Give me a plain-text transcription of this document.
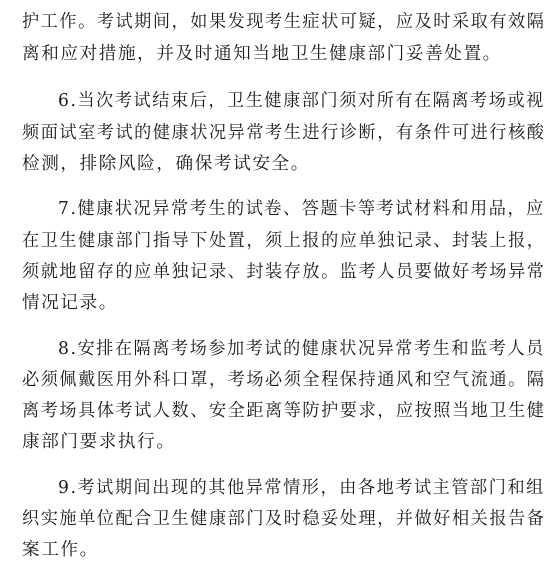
护工作。考试期间，如果发现考生症状可疑，应及时采取有效隔
离和应对措施，并及时通知当地卫生健康部门妥善处置。
6.当次考试结束后，卫生健康部门须对所有在隔离考场或视
频面试室考试的健康状况异常考生进行诊断，有条件可进行核酸
检测，排除风险，确保考试安全。
7.健康状况异常考生的试卷、答题卡等考试材料和用品，应
在卫生健康部门指导下处置，须上报的应单独记录、封装上报，
须就地留存的应单独记录、封装存放。监考人员要做好考场异常
情况记录。
8.安排在隔离考场参加考试的健康状况异常考生和监考人员
必须佩戴医用外科口罩，考场必须全程保持通风和空气流通。隔
离考场具体考试人数、安全距离等防护要求，应按照当地卫生健
康部门要求执行。
9.考试期间出现的其他异常情形，由各地考试主管部门和组
织实施单位配合卫生健康部门及时稳妥处理，并做好相关报告备
案工作。
